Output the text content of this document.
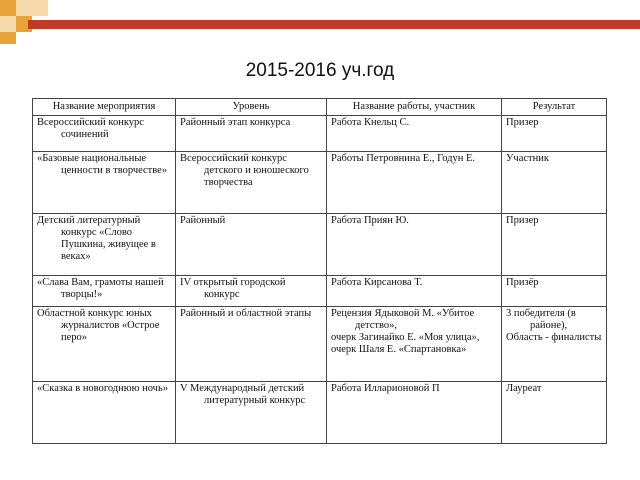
2015-2016 уч.год
Название мероприятия	Уровень	Название работы, участник	Результат

Всероссийский конкурс сочинений	Районный этап конкурса	Работа Кнельц С.	Призер

«Базовые национальные ценности в творчестве»	Всероссийский конкурс детского и юношеского творчества	Работы Петровнина Е., Годун Е.	Участник

Детский литературный конкурс «Слово Пушкина, живущее в веках»	Районный	Работа Приян Ю.	Призер

«Слава Вам, грамоты нашей творцы!»	IV открытый городской конкурс	Работа Кирсанова Т.	Призёр

Областной конкурс юных журналистов «Острое перо»	Районный и областной этапы	Рецензия Ядыковой М. «Убитое детство»,
очерк Загинайко Е. «Моя улица»,
очерк Шаля Е. «Спартановка»	3 победителя (в районе),
Область - финалисты

«Сказка в новогоднюю ночь»	V Международный детский литературный конкурс	Работа Илларионовой П	Лауреат
